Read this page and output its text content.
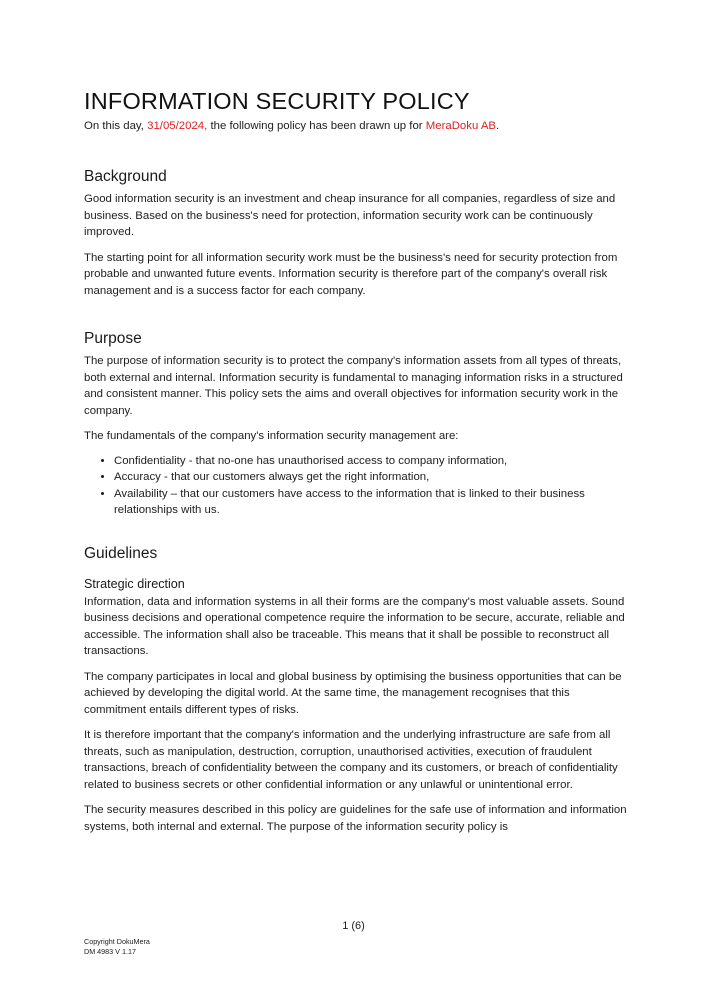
INFORMATION SECURITY POLICY
On this day, 31/05/2024, the following policy has been drawn up for MeraDoku AB.
Background

Good information security is an investment and cheap insurance for all companies, regardless of size and business. Based on the business's need for protection, information security work can be continuously improved.

The starting point for all information security work must be the business's need for security protection from probable and unwanted future events. Information security is therefore part of the company's overall risk management and is a success factor for each company.

Purpose

The purpose of information security is to protect the company's information assets from all types of threats, both external and internal. Information security is fundamental to managing information risks in a structured and consistent manner. This policy sets the aims and overall objectives for information security work in the company.

The fundamentals of the company's information security management are:

• Confidentiality - that no-one has unauthorised access to company information,
• Accuracy - that our customers always get the right information,
• Availability – that our customers have access to the information that is linked to their business relationships with us.
Guidelines
Strategic direction

Information, data and information systems in all their forms are the company's most valuable assets. Sound business decisions and operational competence require the information to be secure, accurate, reliable and accessible. The information shall also be traceable. This means that it shall be possible to reconstruct all transactions.

The company participates in local and global business by optimising the business opportunities that can be achieved by developing the digital world. At the same time, the management recognises that this commitment entails different types of risks.

It is therefore important that the company's information and the underlying infrastructure are safe from all threats, such as manipulation, destruction, corruption, unauthorised activities, execution of fraudulent transactions, breach of confidentiality between the company and its customers, or breach of confidentiality related to business secrets or other confidential information or any unlawful or unintentional error.

The security measures described in this policy are guidelines for the safe use of information and information systems, both internal and external. The purpose of the information security policy is

1 (6)
Copyright DokuMera
DM 4983 V 1.17
